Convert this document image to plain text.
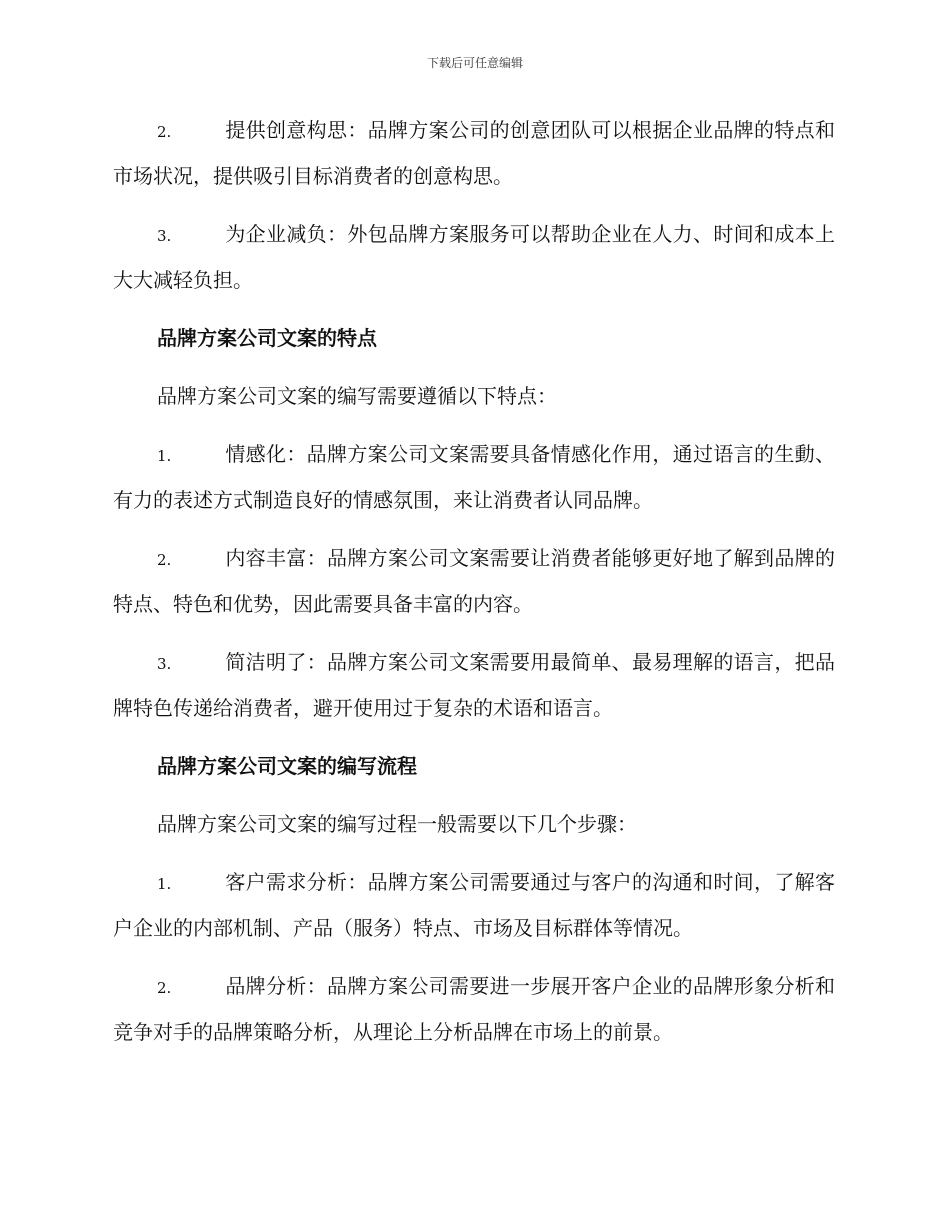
下载后可任意编辑

2.	提供创意构思：品牌方案公司的创意团队可以根据企业品牌的特点和市场状况，提供吸引目标消费者的创意构思。

3.	为企业减负：外包品牌方案服务可以帮助企业在人力、时间和成本上大大减轻负担。

品牌方案公司文案的特点

品牌方案公司文案的编写需要遵循以下特点：

1.	情感化：品牌方案公司文案需要具备情感化作用，通过语言的生動、有力的表述方式制造良好的情感氛围，来让消费者认同品牌。

2.	内容丰富：品牌方案公司文案需要让消费者能够更好地了解到品牌的特点、特色和优势，因此需要具备丰富的内容。

3.	简洁明了：品牌方案公司文案需要用最简单、最易理解的语言，把品牌特色传递给消费者，避开使用过于复杂的术语和语言。

品牌方案公司文案的编写流程

品牌方案公司文案的编写过程一般需要以下几个步骤：

1.	客户需求分析：品牌方案公司需要通过与客户的沟通和时间，了解客户企业的内部机制、产品（服务）特点、市场及目标群体等情况。

2.	品牌分析：品牌方案公司需要进一步展开客户企业的品牌形象分析和竞争对手的品牌策略分析，从理论上分析品牌在市场上的前景。
